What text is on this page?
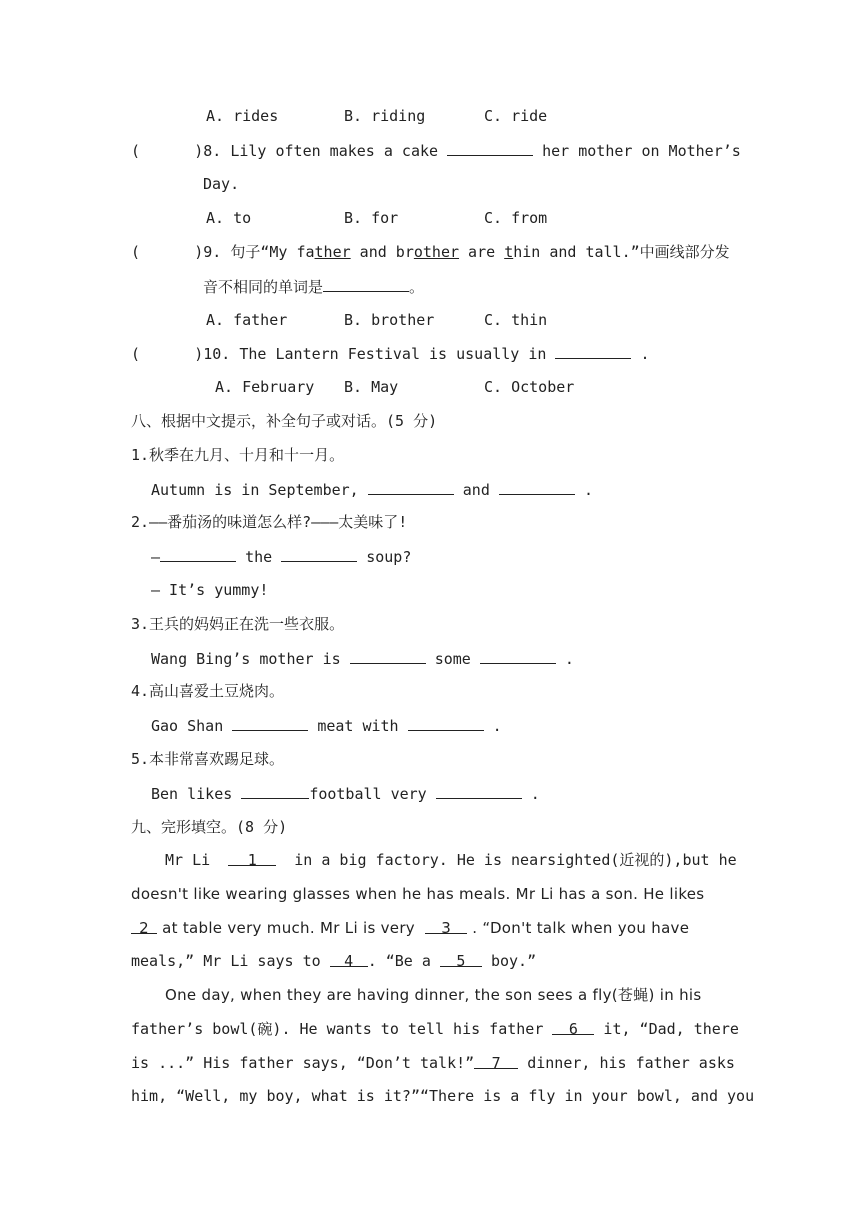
A. rides	B. riding	C. ride
(      )8. Lily often makes a cake	her mother on Mother’s
Day.
A. to	B. for	C. from
(      )9. 句子“My father and brother are thin and tall.”中画线部分发
音不相同的单词是	。
A. father	B. brother	C. thin
(      )10. The Lantern Festival is usually in	.
A. February B. May	C. October
八、根据中文提示，补全句子或对话。(5 分)
1.秋季在九月、十月和十一月。
Autumn is in September,	and	.
2.——番茄汤的味道怎么样?———太美味了!
—	the	soup?
— It’s yummy!
3.王兵的妈妈正在洗一些衣服。
Wang Bing’s mother is	some	.
4.高山喜爱土豆烧肉。
Gao Shan	meat with	.
5.本非常喜欢踢足球。
Ben likes	football very	.
九、完形填空。(8 分)
Mr Li	1	in a big factory. He is nearsighted(近视的),but he
doesn't like wearing glasses when he has meals. Mr Li has a son. He likes
2 at table very much. Mr Li is very 3 . “Don't talk when you have
meals,” Mr Li says to 4 . “Be a 5 boy.”
One day, when they are having dinner, the son sees a fly(苍蝇) in his
father’s bowl(碗). He wants to tell his father 6 it, “Dad, there
is ...” His father says, “Don’t talk!” 7 dinner, his father asks
him, “Well, my boy, what is it?”“There is a fly in your bowl, and you
